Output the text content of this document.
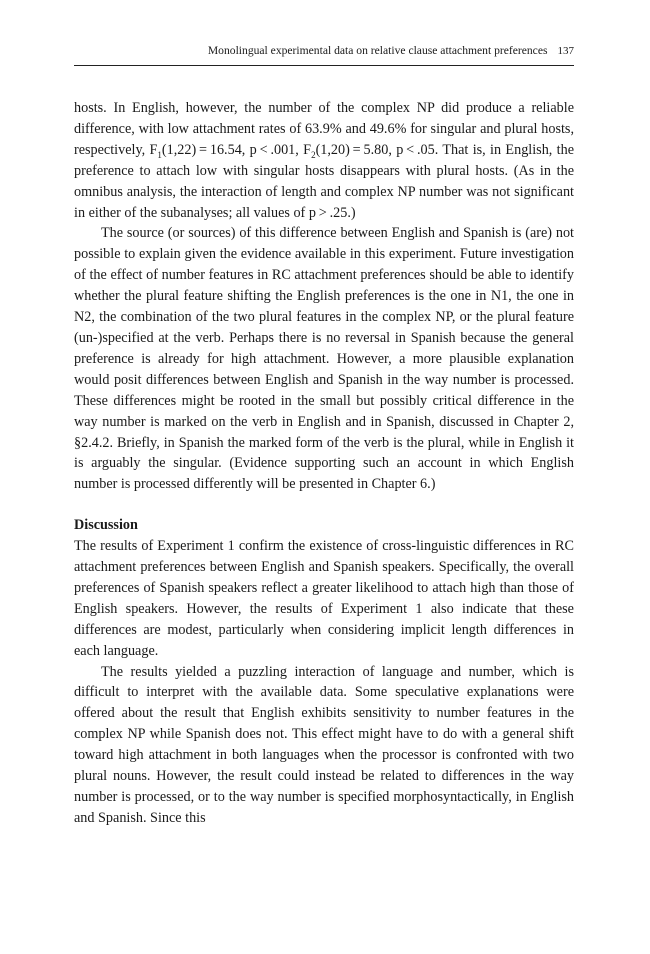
Monolingual experimental data on relative clause attachment preferences 137

hosts. In English, however, the number of the complex NP did produce a reliable difference, with low attachment rates of 63.9% and 49.6% for singular and plural hosts, respectively, $F_1(1,22) = 16.54$, p < .001, $F_2(1,20) = 5.80$, p < .05. That is, in English, the preference to attach low with singular hosts disappears with plural hosts. (As in the omnibus analysis, the interaction of length and complex NP number was not significant in either of the subanalyses; all values of p > .25.)

The source (or sources) of this difference between English and Spanish is (are) not possible to explain given the evidence available in this experiment. Future investigation of the effect of number features in RC attachment preferences should be able to identify whether the plural feature shifting the English preferences is the one in N1, the one in N2, the combination of the two plural features in the complex NP, or the plural feature (un-)specified at the verb. Perhaps there is no reversal in Spanish because the general preference is already for high attachment. However, a more plausible explanation would posit differences between English and Spanish in the way number is processed. These differences might be rooted in the small but possibly critical difference in the way number is marked on the verb in English and in Spanish, discussed in Chapter 2, §2.4.2. Briefly, in Spanish the marked form of the verb is the plural, while in English it is arguably the singular. (Evidence supporting such an account in which English number is processed differently will be presented in Chapter 6.)

Discussion

The results of Experiment 1 confirm the existence of cross-linguistic differences in RC attachment preferences between English and Spanish speakers. Specifically, the overall preferences of Spanish speakers reflect a greater likelihood to attach high than those of English speakers. However, the results of Experiment 1 also indicate that these differences are modest, particularly when considering implicit length differences in each language.

The results yielded a puzzling interaction of language and number, which is difficult to interpret with the available data. Some speculative explanations were offered about the result that English exhibits sensitivity to number features in the complex NP while Spanish does not. This effect might have to do with a general shift toward high attachment in both languages when the processor is confronted with two plural nouns. However, the result could instead be related to differences in the way number is processed, or to the way number is specified morphosyntactically, in English and Spanish. Since this
